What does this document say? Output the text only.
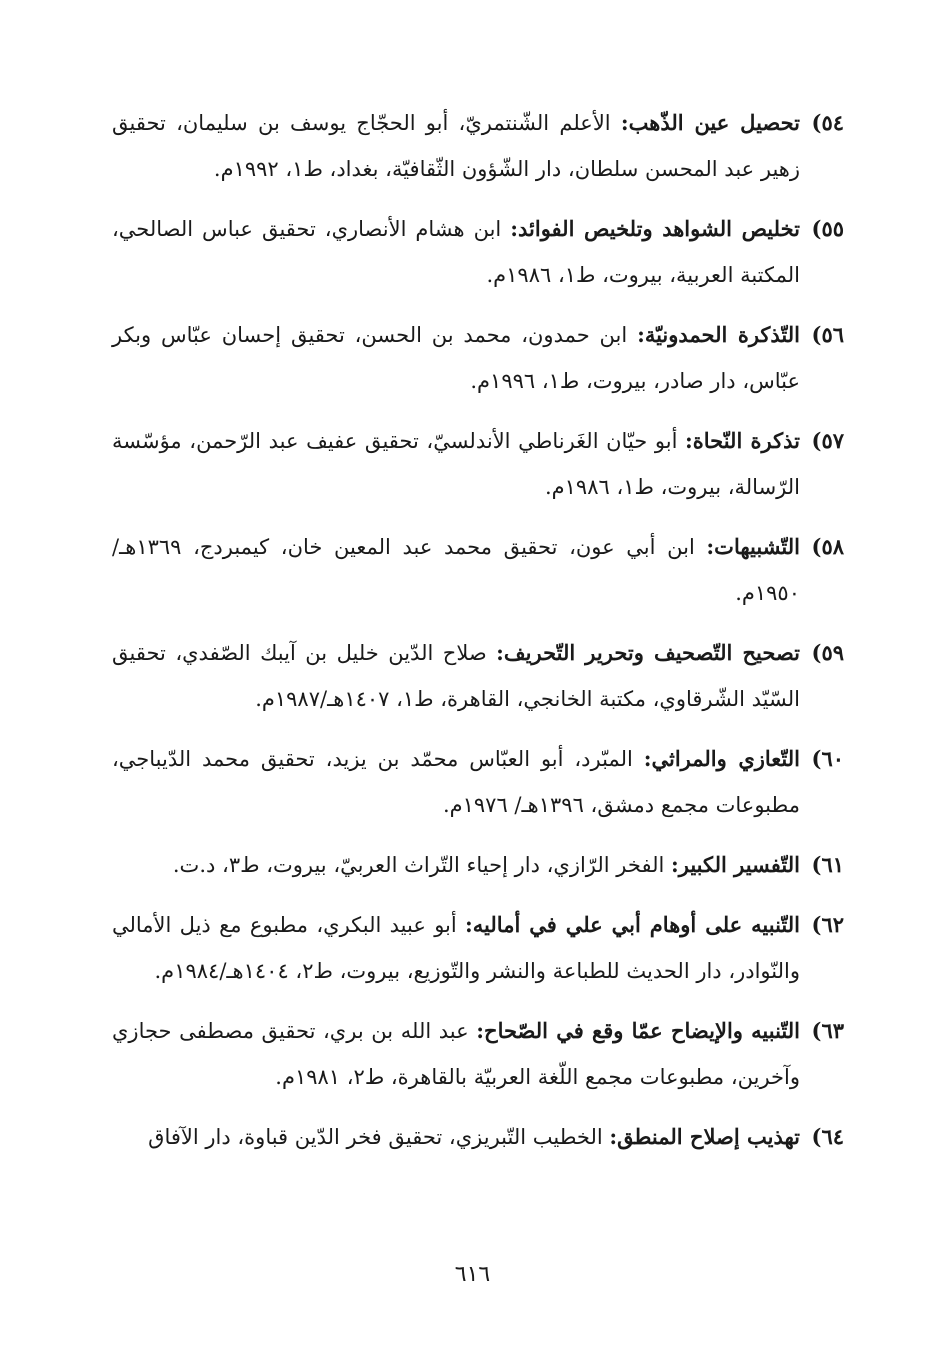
٥٤)
تحصيل عين الذّهب: الأعلم الشّنتمريّ، أبو الحجّاج يوسف بن سليمان، تحقيق زهير عبد المحسن سلطان، دار الشّؤون الثّقافيّة، بغداد، ط١، ١٩٩٢م.
٥٥)
تخليص الشواهد وتلخيص الفوائد: ابن هشام الأنصاري، تحقيق عباس الصالحي، المكتبة العربية، بيروت، ط١، ١٩٨٦م.
٥٦)
التّذكرة الحمدونيّة: ابن حمدون، محمد بن الحسن، تحقيق إحسان عبّاس وبكر عبّاس، دار صادر، بيروت، ط١، ١٩٩٦م.
٥٧)
تذكرة النّحاة: أبو حيّان الغَرناطي الأندلسيّ، تحقيق عفيف عبد الرّحمن، مؤسّسة الرّسالة، بيروت، ط١، ١٩٨٦م.
٥٨)
التّشبيهات: ابن أبي عون، تحقيق محمد عبد المعين خان، كيمبردج، ١٣٦٩هـ/١٩٥٠م.
٥٩)
تصحيح التّصحيف وتحرير التّحريف: صلاح الدّين خليل بن آيبك الصّفدي، تحقيق السّيّد الشّرقاوي، مكتبة الخانجي، القاهرة، ط١، ١٤٠٧هـ/١٩٨٧م.
٦٠)
التّعازي والمراثي: المبّرد، أبو العبّاس محمّد بن يزيد، تحقيق محمد الدّيباجي، مطبوعات مجمع دمشق، ١٣٩٦هـ/ ١٩٧٦م.
٦١)
التّفسير الكبير: الفخر الرّازي، دار إحياء التّراث العربيّ، بيروت، ط٣، د.ت.
٦٢)
التّنبيه على أوهام أبي علي في أماليه: أبو عبيد البكري، مطبوع مع ذيل الأمالي والنّوادر، دار الحديث للطباعة والنشر والتّوزيع، بيروت، ط٢، ١٤٠٤هـ/١٩٨٤م.
٦٣)
التّنبيه والإيضاح عمّا وقع في الصّحاح: عبد الله بن بري، تحقيق مصطفى حجازي وآخرين، مطبوعات مجمع اللّغة العربيّة بالقاهرة، ط٢، ١٩٨١م.
٦٤)
تهذيب إصلاح المنطق: الخطيب التّبريزي، تحقيق فخر الدّين قباوة، دار الآفاق
٦١٦
